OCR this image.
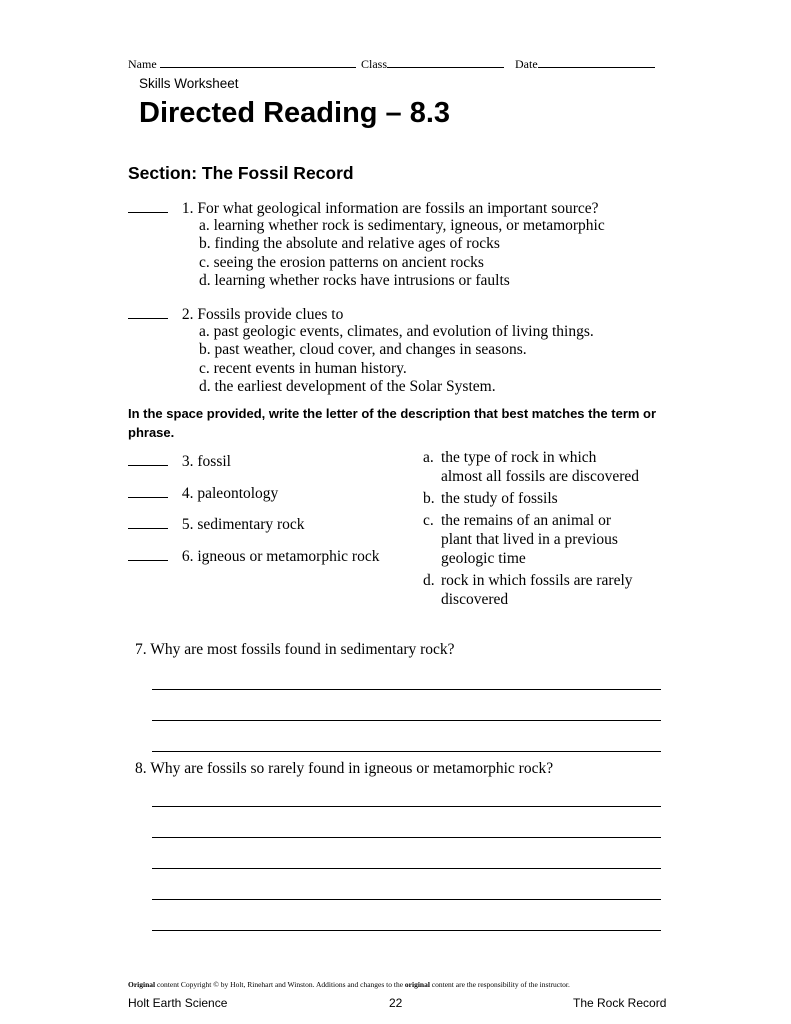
Name	Class	Date
Skills Worksheet
Directed Reading – 8.3
Section: The Fossil Record
1. For what geological information are fossils an important source?
a. learning whether rock is sedimentary, igneous, or metamorphic
b. finding the absolute and relative ages of rocks
c. seeing the erosion patterns on ancient rocks
d. learning whether rocks have intrusions or faults
2. Fossils provide clues to
a. past geologic events, climates, and evolution of living things.
b. past weather, cloud cover, and changes in seasons.
c. recent events in human history.
d. the earliest development of the Solar System.
In the space provided, write the letter of the description that best matches the term or phrase.
3. fossil
4. paleontology
5. sedimentary rock
6. igneous or metamorphic rock
a. the type of rock in which
almost all fossils are discovered
b. the study of fossils
c. the remains of an animal or
plant that lived in a previous
geologic time
d. rock in which fossils are rarely
discovered
7. Why are most fossils found in sedimentary rock?
8. Why are fossils so rarely found in igneous or metamorphic rock?
Original content Copyright © by Holt, Rinehart and Winston. Additions and changes to the original content are the responsibility of the instructor.
Holt Earth Science	22	The Rock Record
